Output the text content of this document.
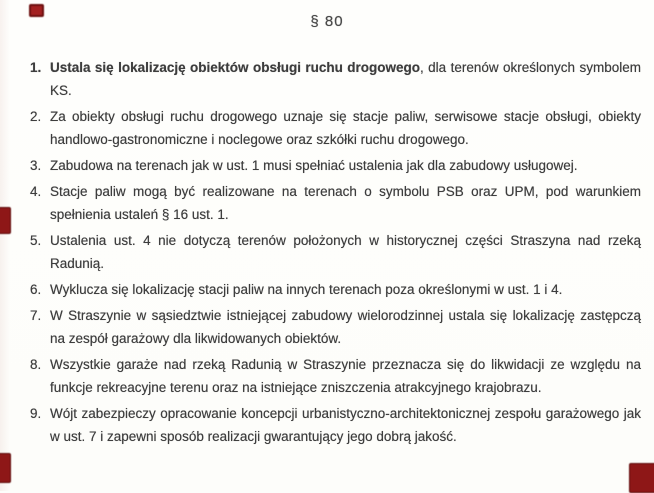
§ 80
1. Ustala się lokalizację obiektów obsługi ruchu drogowego, dla terenów określonych symbolem KS.
2. Za obiekty obsługi ruchu drogowego uznaje się stacje paliw, serwisowe stacje obsługi, obiekty handlowo-gastronomiczne i noclegowe oraz szkółki ruchu drogowego.
3. Zabudowa na terenach jak w ust. 1 musi spełniać ustalenia jak dla zabudowy usługowej.
4. Stacje paliw mogą być realizowane na terenach o symbolu PSB oraz UPM, pod warunkiem spełnienia ustaleń § 16 ust. 1.
5. Ustalenia ust. 4 nie dotyczą terenów położonych w historycznej części Straszyna nad rzeką Radunią.
6. Wyklucza się lokalizację stacji paliw na innych terenach poza określonymi w ust. 1 i 4.
7. W Straszynie w sąsiedztwie istniejącej zabudowy wielorodzinnej ustala się lokalizację zastępczą na zespół garażowy dla likwidowanych obiektów.
8. Wszystkie garaże nad rzeką Radunią w Straszynie przeznacza się do likwidacji ze względu na funkcje rekreacyjne terenu oraz na istniejące zniszczenia atrakcyjnego krajobrazu.
9. Wójt zabezpieczy opracowanie koncepcji urbanistyczno-architektonicznej zespołu garażowego jak w ust. 7 i zapewni sposób realizacji gwarantujący jego dobrą jakość.
